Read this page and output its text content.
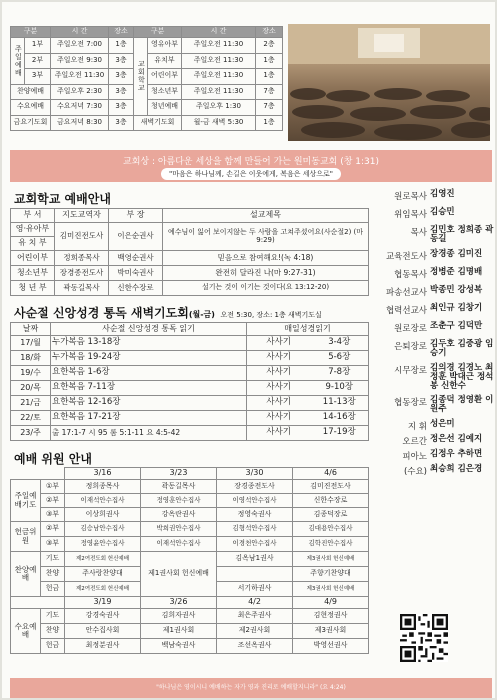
구분		시 간	장소	구분		시 간	장소
주일예배	1부	주일오전 7:00	1층	교회학교	영유아부	주일오전 11:30	2층
	2부	주일오전 9:30	3층		유치부	주일오전 11:30	1층
	3부	주일오전 11:30	3층		어린이부	주일오전 11:30	1층
찬양예배		주일오후 2:30	3층		청소년부	주일오전 11:30	7층
수요예배		수요저녁 7:30	3층		청년예배	주일오후 1:30	7층
금요기도회		금요저녁 8:30	3층	새벽기도회		월-금 새벽 5:30	1층
교회상 : 아름다운 세상을 함께 만들어 가는 원미동교회 (창 1:31)
"마음은 하나님께, 손길은 이웃에게, 복음은 세상으로"
교회학교 예배안내
부 서	지도교역자	부 장	설교제목
영·유아부	김미진전도사	이은순권사	예수님이 잃어 보이지않는 두 사람을 고쳐주셨어요(사순절2) (마 9:29)
유 치 부			
어린이부	정희종목사	백영순권사	믿음으로 참여해요!(녹 4:18)
청소년부	장경종전도사	박미숙권사	완전히 달라진 나(마 9:27-31)
청 년 부	곽동길목사	신한수장로	설기는 것이 이기는 것이다(요 13:12-20)
사순절 신앙성경 통독 새벽기도회(월-금) 오전 5:30, 장소: 1층 새벽기도실
날짜	사순절 신앙성경 통독 읽기	매일성경읽기	
17/월	누가복음 13-18장	사사기	3-4장
18/화	누가복음 19-24장	사사기	5-6장
19/수	요한복음 1-6장	사사기	7-8장
20/목	요한복음 7-11장	사사기	9-10장
21/금	요한복음 12-16장	사사기	11-13장
22/토	요한복음 17-21장	사사기	14-16장
23/주	출 17:1-7 시 95 롬 5:1-11 요 4:5-42	사사기	17-19장
예배 위원 안내
		3/16	3/23	3/30	4/6
주일예배기도	①부	정희종목사	곽동길목사	장경종전도사	김미진전도사
	②부	이재석안수집사	정영훈안수집사	이영석안수집사	신한수장로
	③부	이상희권사	강옥란권사	정영숙권사	김종덕장로
헌금위원	②부	김승남안수집사	박희권안수집사	김형석안수집사	김대용안수집사
	③부	정영윤안수집사	이재석안수집사	이경천안수집사	김학진안수집사
찬양예배	기도	제2여전도회 헌신예배	제1권사회 헌신예배	김옥남1권사	제3권사회 헌신예배
	찬양	주사랑찬양대			주향기찬양대
	헌금	제2여전도회 헌신예배		서기하권사	제3권사회 헌신예배
		3/19	3/26	4/2	4/9
수요예배	기도	강경숙권사	김희자권사	최은주권사	김현정권사
	찬양	안수집사회	제1권사회	제2권사회	제3권사회
	헌금	최정분권사	백남숙권사	조선옥권사	박영선권사
원로목사 김영진
위임목사 김승민
목사 김민호 정희종 곽동길
교육전도사 장경종 김미진
협동목사 정병준 김명배
파송선교사 박종민 강성복
협력선교사 최인규 김창기
원로장로 조춘구 김덕만
은퇴장로 김두호 김중광 임승기
시무장로 김의경 김경노 최정훈 박대근 정석봉 신한수
협동장로 김종덕 정영환 이원주
지 휘 성은미
오르간 정은선 김예지
피아노 김정우 추하면
(수요) 최승희 김은경
"하나님은 영이시니 예배하는 자가 영과 진리로 예배할지니라" (요 4:24)
